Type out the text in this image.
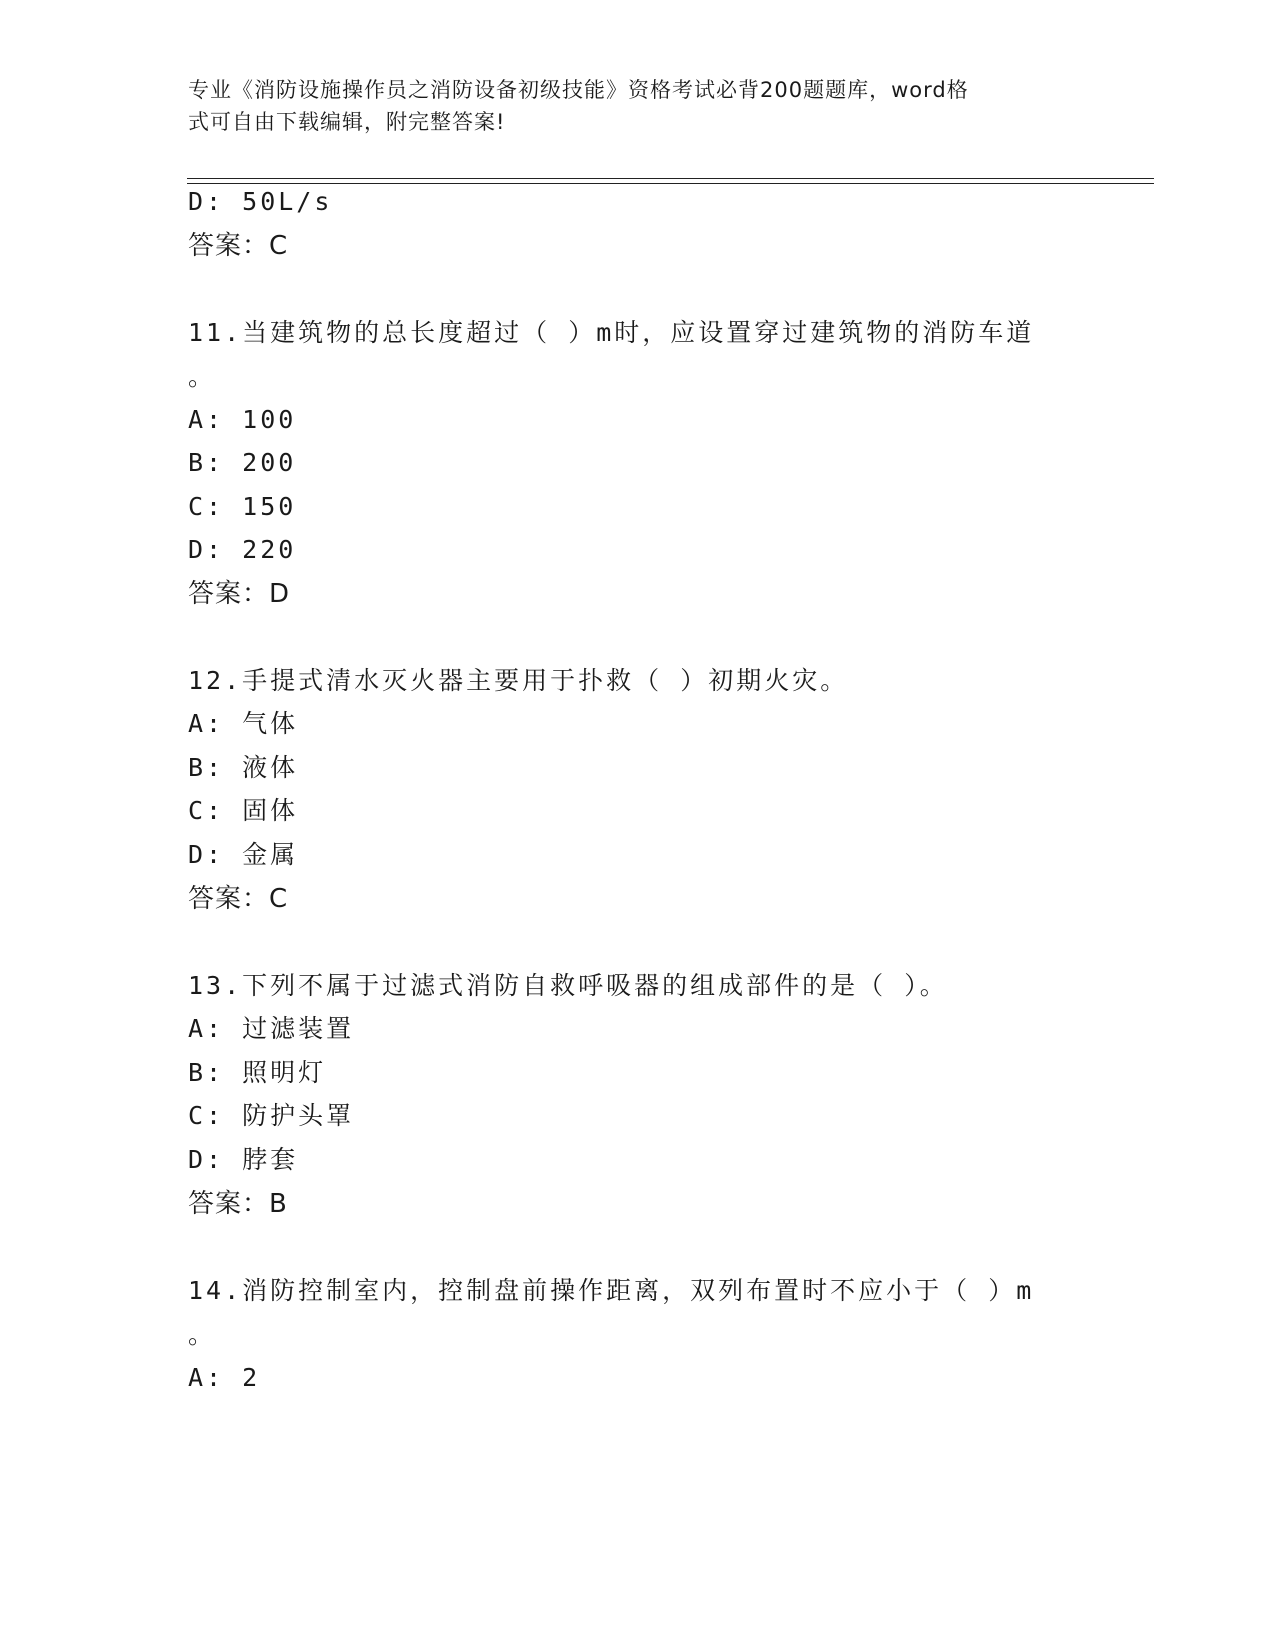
专业《消防设施操作员之消防设备初级技能》资格考试必背200题题库，word格
式可自由下载编辑，附完整答案!
D: 50L/s
答案：C
11.当建筑物的总长度超过（ ）m时，应设置穿过建筑物的消防车道
。
A: 100
B: 200
C: 150
D: 220
答案：D
12.手提式清水灭火器主要用于扑救（ ）初期火灾。
A: 气体
B: 液体
C: 固体
D: 金属
答案：C
13.下列不属于过滤式消防自救呼吸器的组成部件的是（ ）。
A: 过滤装置
B: 照明灯
C: 防护头罩
D: 脖套
答案：B
14.消防控制室内，控制盘前操作距离，双列布置时不应小于（ ）m
。
A: 2
